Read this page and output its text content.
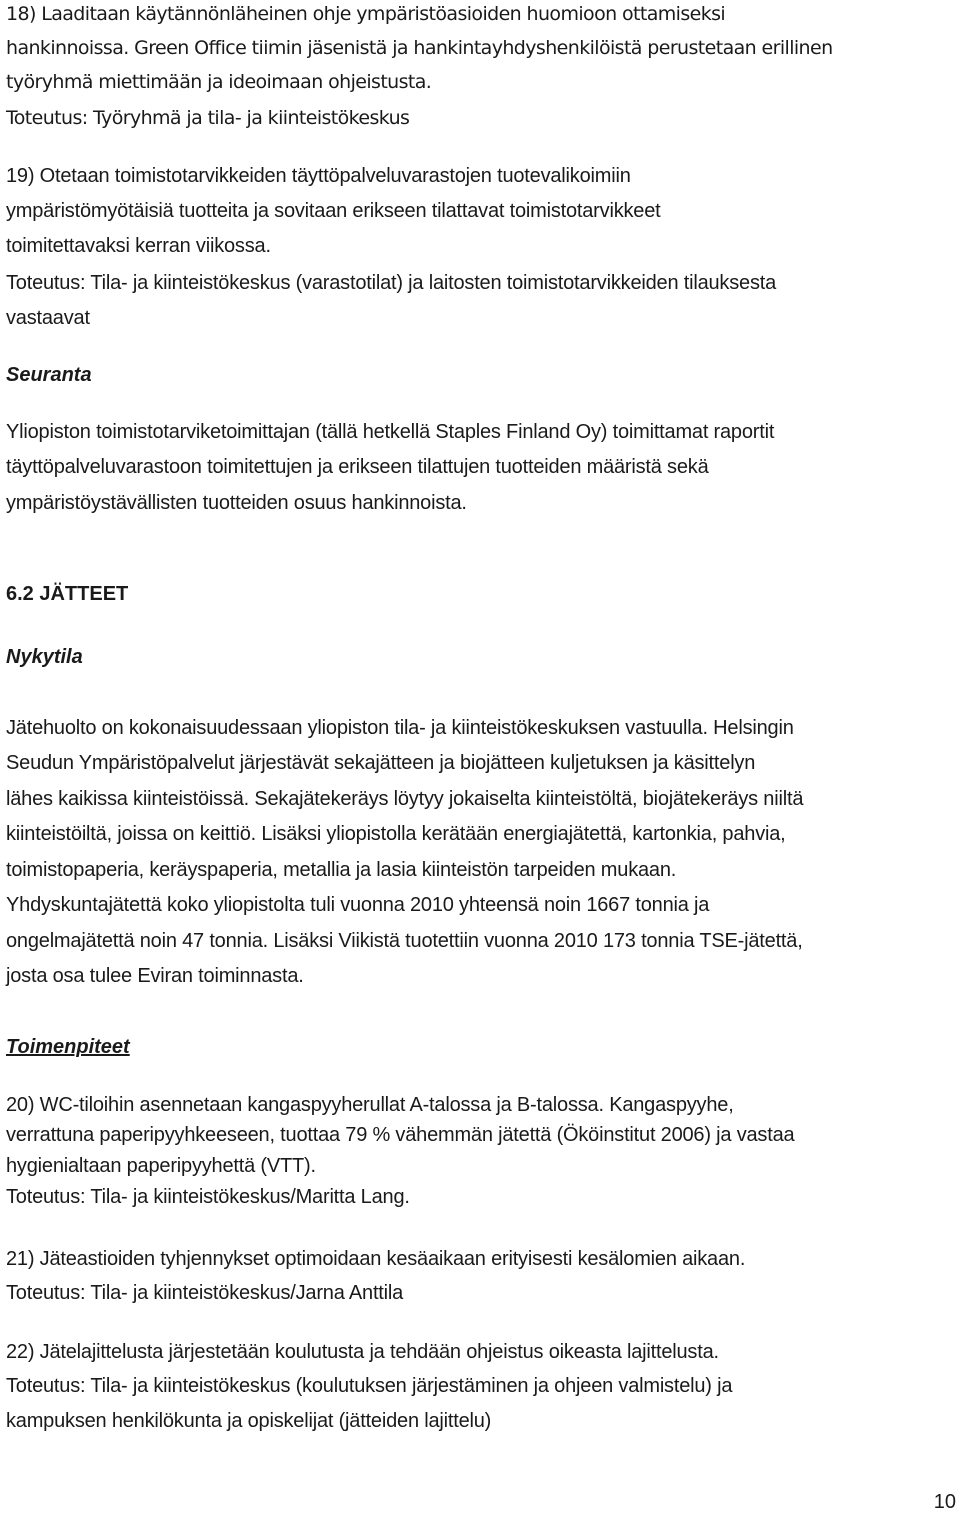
18) Laaditaan käytännönläheinen ohje ympäristöasioiden huomioon ottamiseksi
hankinnoissa. Green Office tiimin jäsenistä ja hankintayhdyshenkilöistä perustetaan erillinen
työryhmä miettimään ja ideoimaan ohjeistusta.
Toteutus: Työryhmä ja tila- ja kiinteistökeskus
19) Otetaan toimistotarvikkeiden täyttöpalveluvarastojen tuotevalikoimiin
ympäristömyötäisiä tuotteita ja sovitaan erikseen tilattavat toimistotarvikkeet
toimitettavaksi kerran viikossa.
Toteutus: Tila- ja kiinteistökeskus (varastotilat) ja laitosten toimistotarvikkeiden tilauksesta
vastaavat
Seuranta
Yliopiston toimistotarviketoimittajan (tällä hetkellä Staples Finland Oy) toimittamat raportit
täyttöpalveluvarastoon toimitettujen ja erikseen tilattujen tuotteiden määristä sekä
ympäristöystävällisten tuotteiden osuus hankinnoista.
6.2 JÄTTEET
Nykytila
Jätehuolto on kokonaisuudessaan yliopiston tila- ja kiinteistökeskuksen vastuulla. Helsingin
Seudun Ympäristöpalvelut järjestävät sekajätteen ja biojätteen kuljetuksen ja käsittelyn
lähes kaikissa kiinteistöissä. Sekajätekeräys löytyy jokaiselta kiinteistöltä, biojätekeräys niiltä
kiinteistöiltä, joissa on keittiö. Lisäksi yliopistolla kerätään energiajätettä, kartonkia, pahvia,
toimistopaperia, keräyspaperia, metallia ja lasia kiinteistön tarpeiden mukaan.
Yhdyskuntajätettä koko yliopistolta tuli vuonna 2010 yhteensä noin 1667 tonnia ja
ongelmajätettä noin 47 tonnia. Lisäksi Viikistä tuotettiin vuonna 2010 173 tonnia TSE-jätettä,
josta osa tulee Eviran toiminnasta.
Toimenpiteet
20) WC-tiloihin asennetaan kangaspyyherullat A-talossa ja B-talossa. Kangaspyyhe,
verrattuna paperipyyhkeeseen, tuottaa 79 % vähemmän jätettä (Ököinstitut 2006) ja vastaa
hygienialtaan paperipyyhettä (VTT).
Toteutus: Tila- ja kiinteistökeskus/Maritta Lang.
21) Jäteastioiden tyhjennykset optimoidaan kesäaikaan erityisesti kesälomien aikaan.
Toteutus: Tila- ja kiinteistökeskus/Jarna Anttila
22) Jätelajittelusta järjestetään koulutusta ja tehdään ohjeistus oikeasta lajittelusta.
Toteutus: Tila- ja kiinteistökeskus (koulutuksen järjestäminen ja ohjeen valmistelu) ja
kampuksen henkilökunta ja opiskelijat (jätteiden lajittelu)
10
